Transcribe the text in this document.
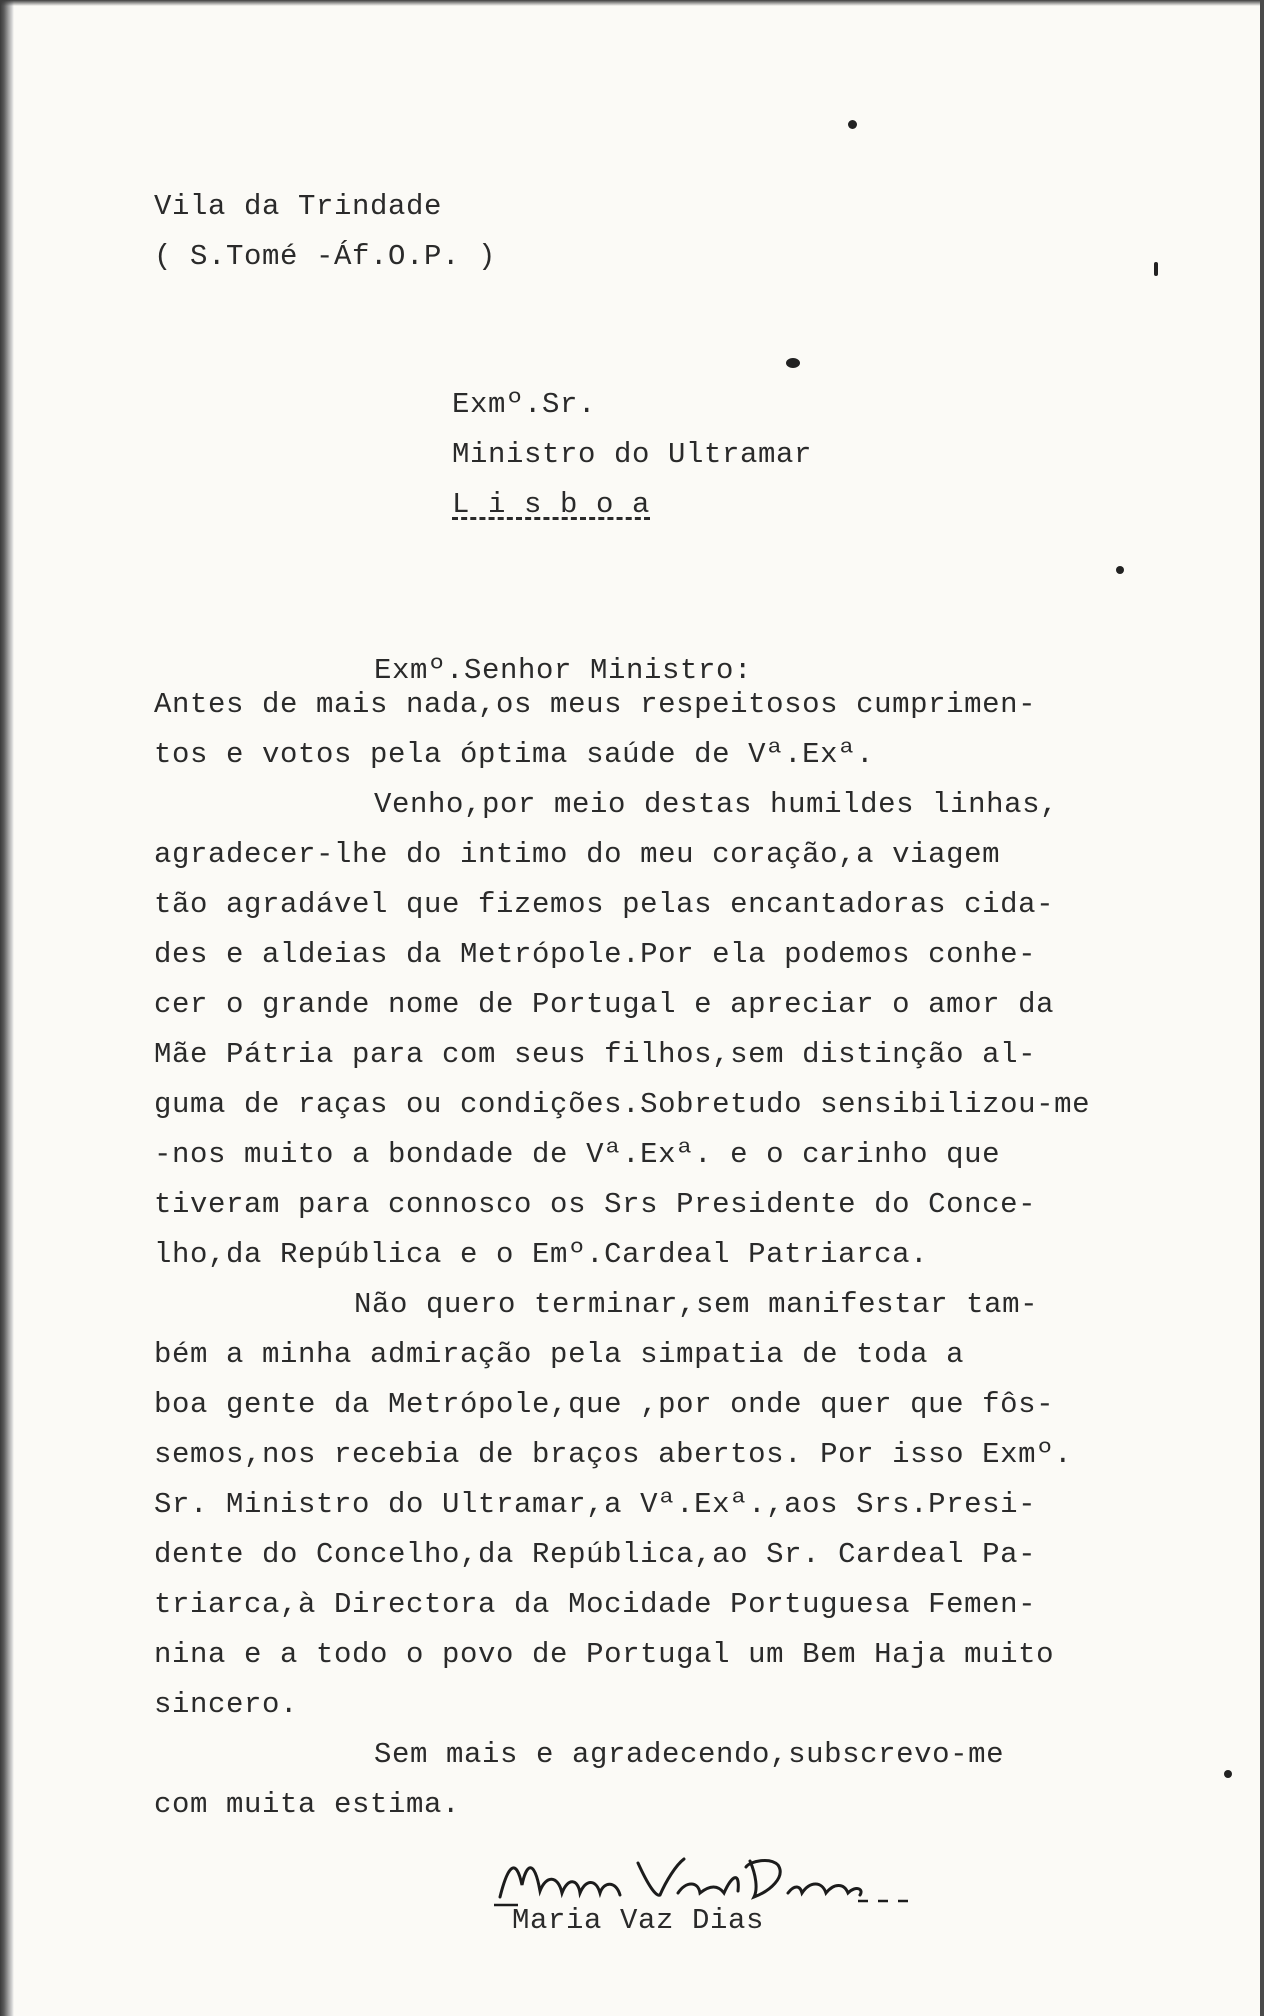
Vila da Trindade
( S.Tomé -Áf.O.P. )
Exmº.Sr.
Ministro do Ultramar
L i s b o a
Exmº.Senhor Ministro:
Antes de mais nada,os meus respeitosos cumprimen-
tos e votos pela óptima saúde de Vª.Exª.
Venho,por meio destas humildes linhas,
agradecer-lhe do intimo do meu coração,a viagem
tão agradável que fizemos pelas encantadoras cida-
des e aldeias da Metrópole.Por ela podemos conhe-
cer o grande nome de Portugal e apreciar o amor da
Mãe Pátria para com seus filhos,sem distinção al-
guma de raças ou condições.Sobretudo sensibilizou-me
-nos muito a bondade de Vª.Exª. e o carinho que
tiveram para connosco os Srs Presidente do Conce-
lho,da República e o Emº.Cardeal Patriarca.
Não quero terminar,sem manifestar tam-
bém a minha admiração pela simpatia de toda a
boa gente da Metrópole,que ,por onde quer que fôs-
semos,nos recebia de braços abertos. Por isso Exmº.
Sr. Ministro do Ultramar,a Vª.Exª.,aos Srs.Presi-
dente do Concelho,da República,ao Sr. Cardeal Pa-
triarca,à Directora da Mocidade Portuguesa Femen-
nina e a todo o povo de Portugal um Bem Haja muito
sincero.
Sem mais e agradecendo,subscrevo-me
com muita estima.
Maria Vaz Dias
